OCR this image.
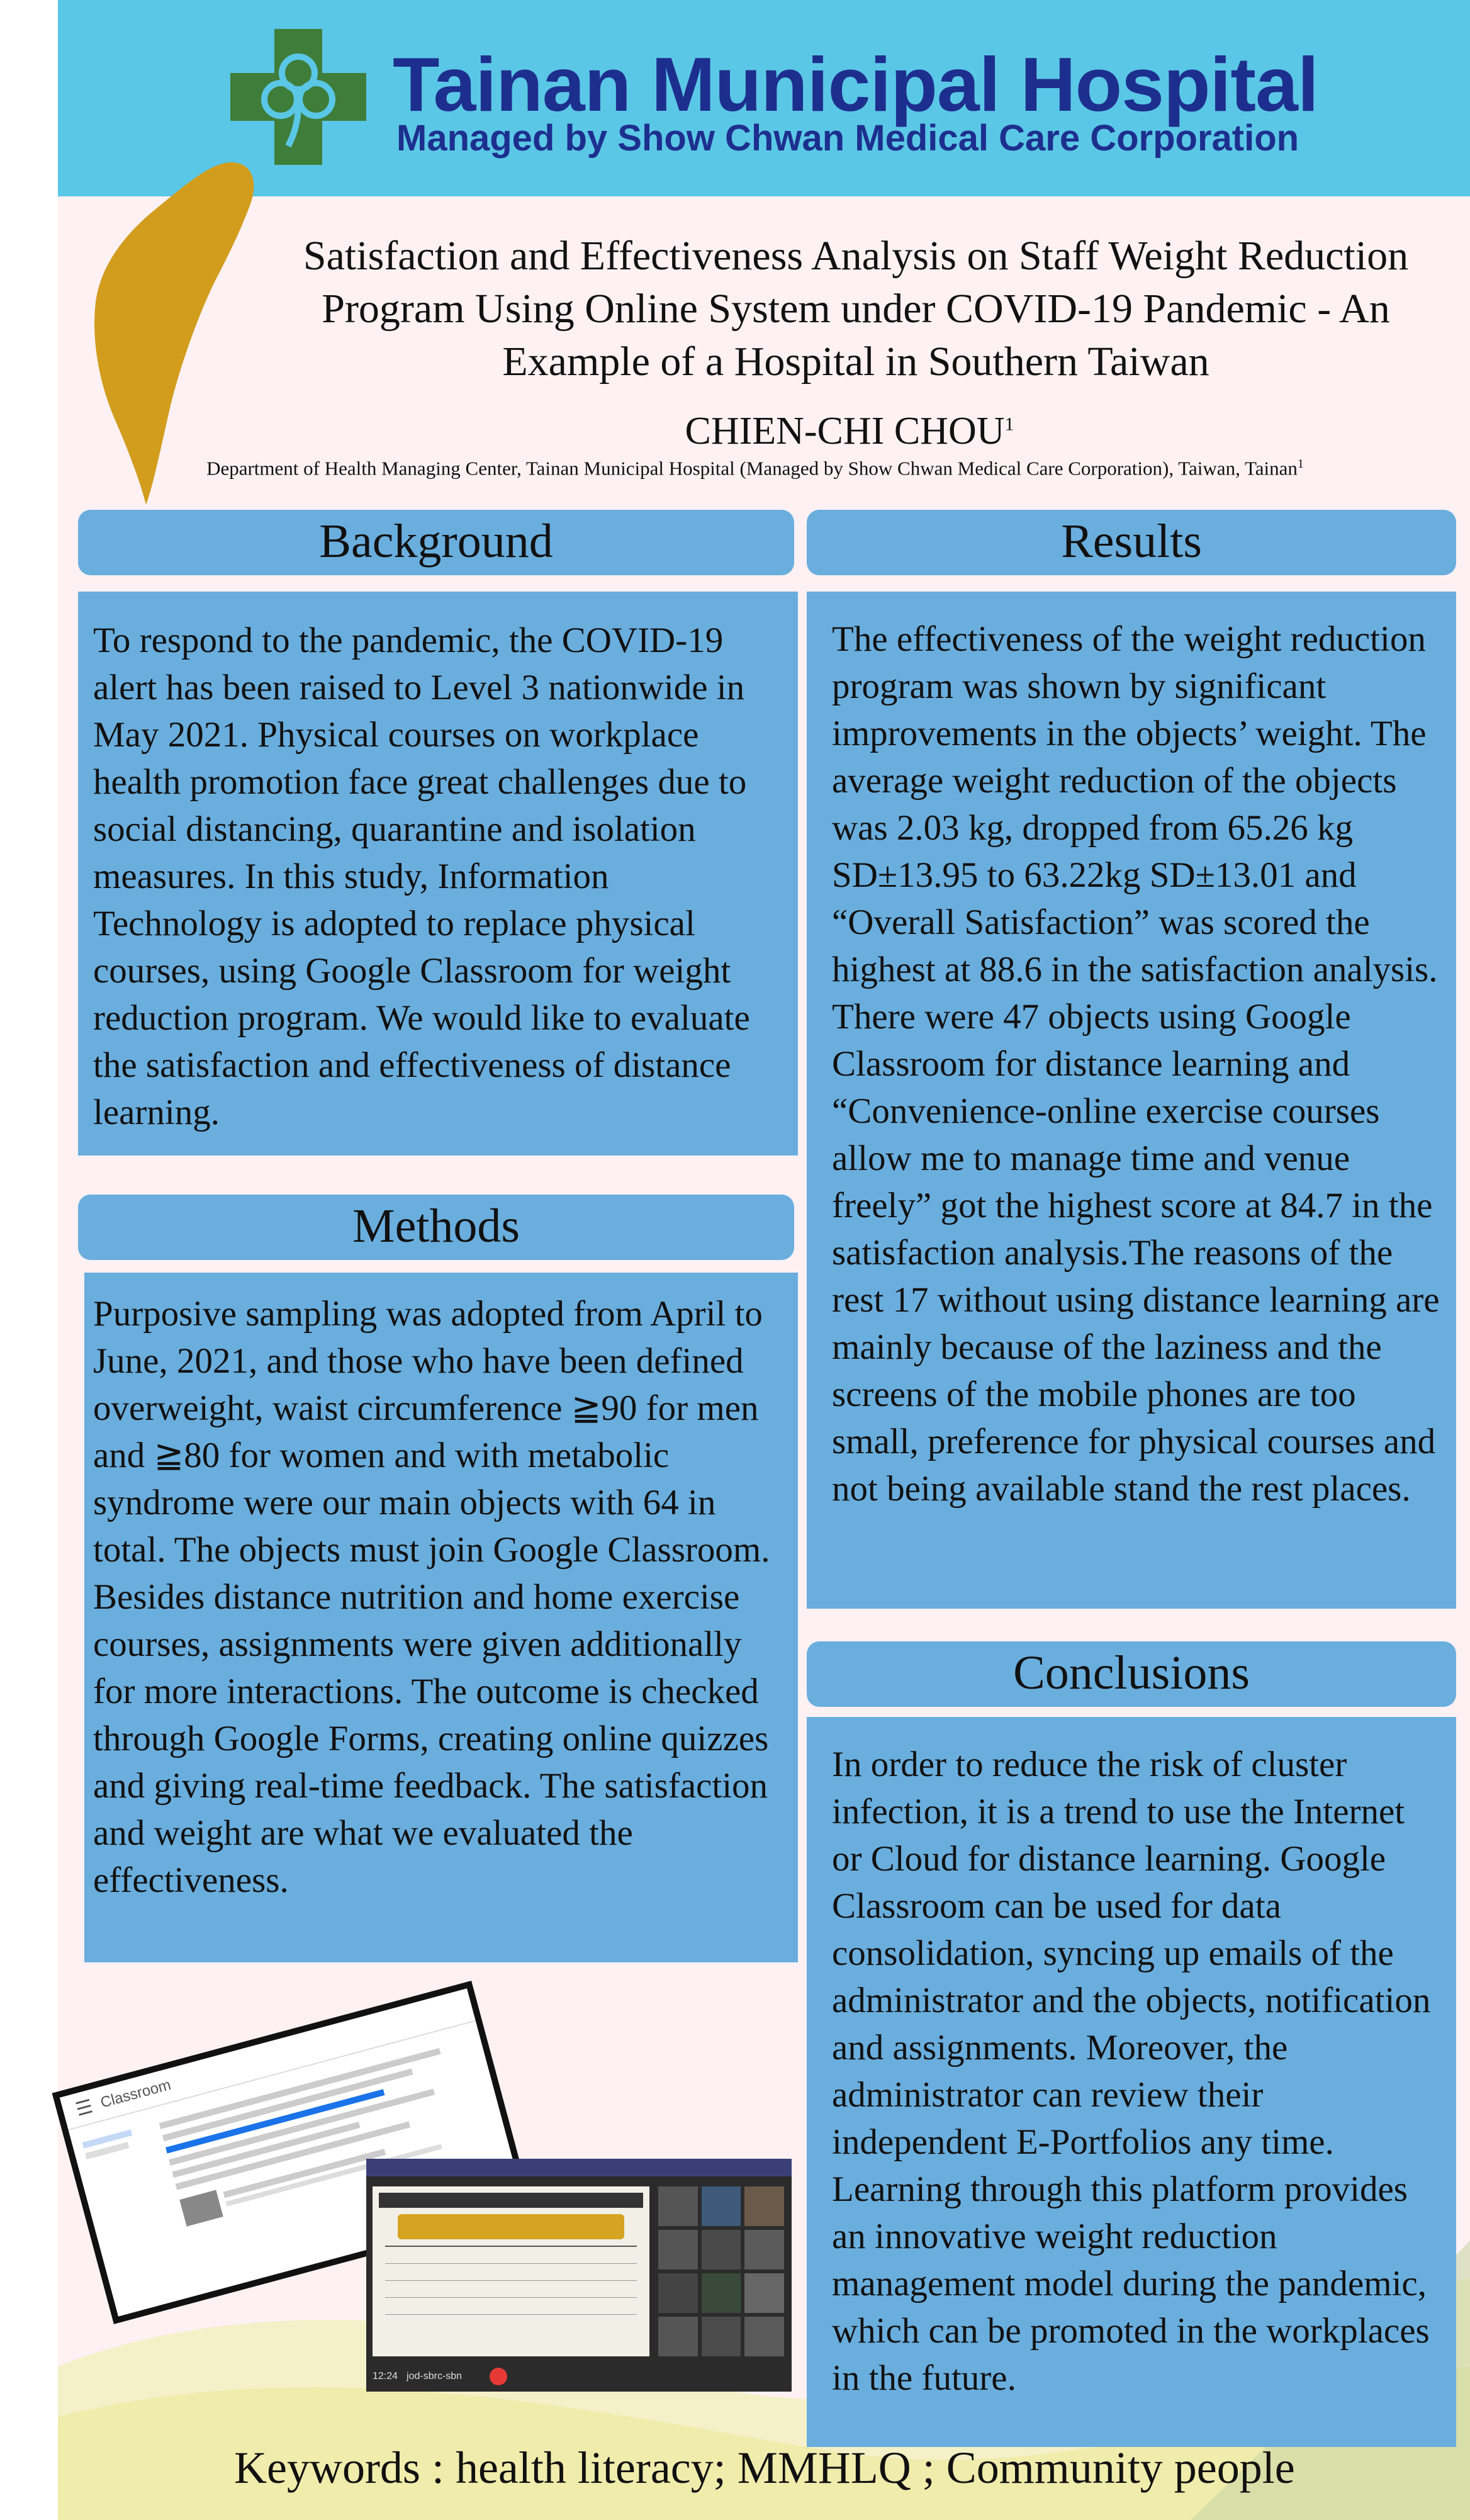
Tainan Municipal Hospital
Managed by Show Chwan Medical Care Corporation
Satisfaction and Effectiveness Analysis on Staff Weight Reduction Program Using Online System under COVID-19 Pandemic - An Example of a Hospital in Southern Taiwan
CHIEN-CHI CHOU$^1$
Department of Health Managing Center, Tainan Municipal Hospital (Managed by Show Chwan Medical Care Corporation), Taiwan, Tainan$^1$
Background
To respond to the pandemic, the COVID-19 alert has been raised to Level 3 nationwide in May 2021. Physical courses on workplace health promotion face great challenges due to social distancing, quarantine and isolation measures. In this study, Information Technology is adopted to replace physical courses, using Google Classroom for weight reduction program. We would like to evaluate the satisfaction and effectiveness of distance learning.
Methods
Purposive sampling was adopted from April to June, 2021, and those who have been defined overweight, waist circumference ≧90 for men and ≧80 for women and with metabolic syndrome were our main objects with 64 in total. The objects must join Google Classroom. Besides distance nutrition and home exercise courses, assignments were given additionally for more interactions. The outcome is checked through Google Forms, creating online quizzes and giving real-time feedback. The satisfaction and weight are what we evaluated the effectiveness.
Results
The effectiveness of the weight reduction program was shown by significant improvements in the objects’ weight. The average weight reduction of the objects was 2.03 kg, dropped from 65.26 kg SD±13.95 to 63.22kg SD±13.01 and “Overall Satisfaction” was scored the highest at 88.6 in the satisfaction analysis. There were 47 objects using Google Classroom for distance learning and “Convenience-online exercise courses allow me to manage time and venue freely” got the highest score at 84.7 in the satisfaction analysis.The reasons of the rest 17 without using distance learning are mainly because of the laziness and the screens of the mobile phones are too small, preference for physical courses and not being available stand the rest places.
Conclusions
In order to reduce the risk of cluster infection, it is a trend to use the Internet or Cloud for distance learning. Google Classroom can be used for data consolidation, syncing up emails of the administrator and the objects, notification and assignments. Moreover, the administrator can review their independent E-Portfolios any time. Learning through this platform provides an innovative weight reduction management model during the pandemic, which can be promoted in the workplaces in the future.
☰ Classroom
12:24 jod-sbrc-sbn
Keywords : health literacy; MMHLQ ; Community people
